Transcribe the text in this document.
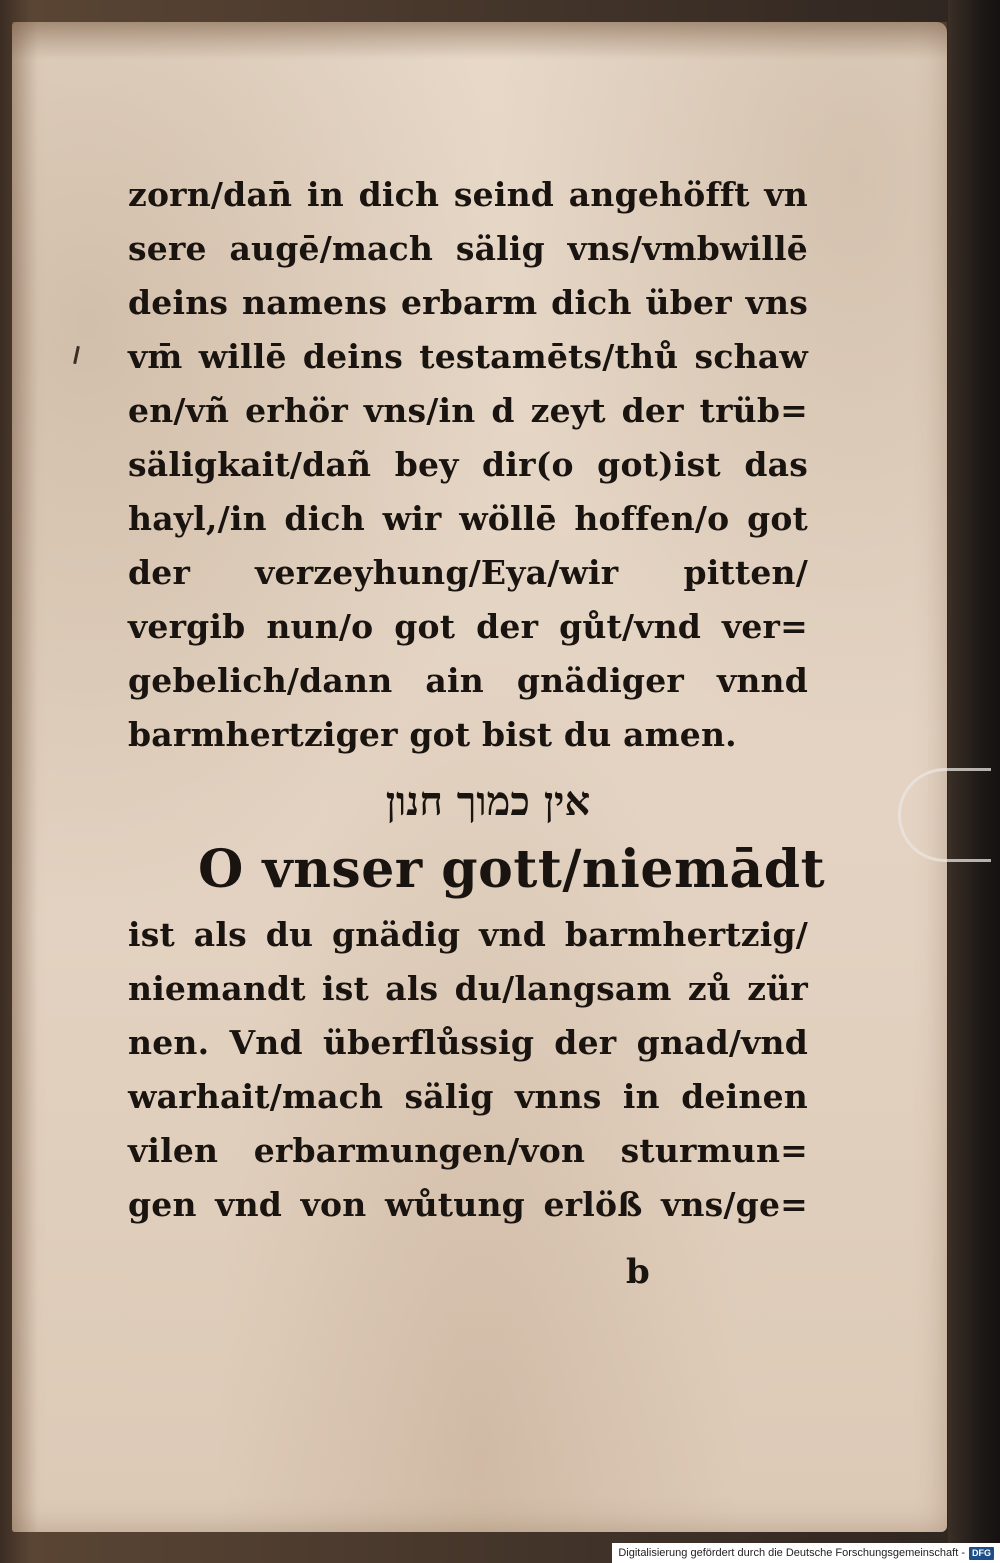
zorn/dan̄ in dich seind angehöfft vn
sere augē/mach sälig vns/vmbwillē
deins namens erbarm dich über vns
vm̄ willē deins testamēts/thů schaw
en/vñ erhör vns/in d zeyt der trüb=
säligkait/dañ bey dir(o got)ist das
hayl,/in dich wir wöllē hoffen/o got
der verzeyhung/Eya/wir pitten/
vergib nun/o got der gůt/vnd ver=
gebelich/dann ain gnädiger vnnd
barmhertziger got bist du amen.
אין כמוך חנון
O vnser gott/niemādt
ist als du gnädig vnd barmhertzig/
niemandt ist als du/langsam zů zür
nen. Vnd überflůssig der gnad/vnd
warhait/mach sälig vnns in deinen
vilen erbarmungen/von sturmun=
gen vnd von wůtung erlöß vns/ge=
b
Digitalisierung gefördert durch die Deutsche Forschungsgemeinschaft - DFG
